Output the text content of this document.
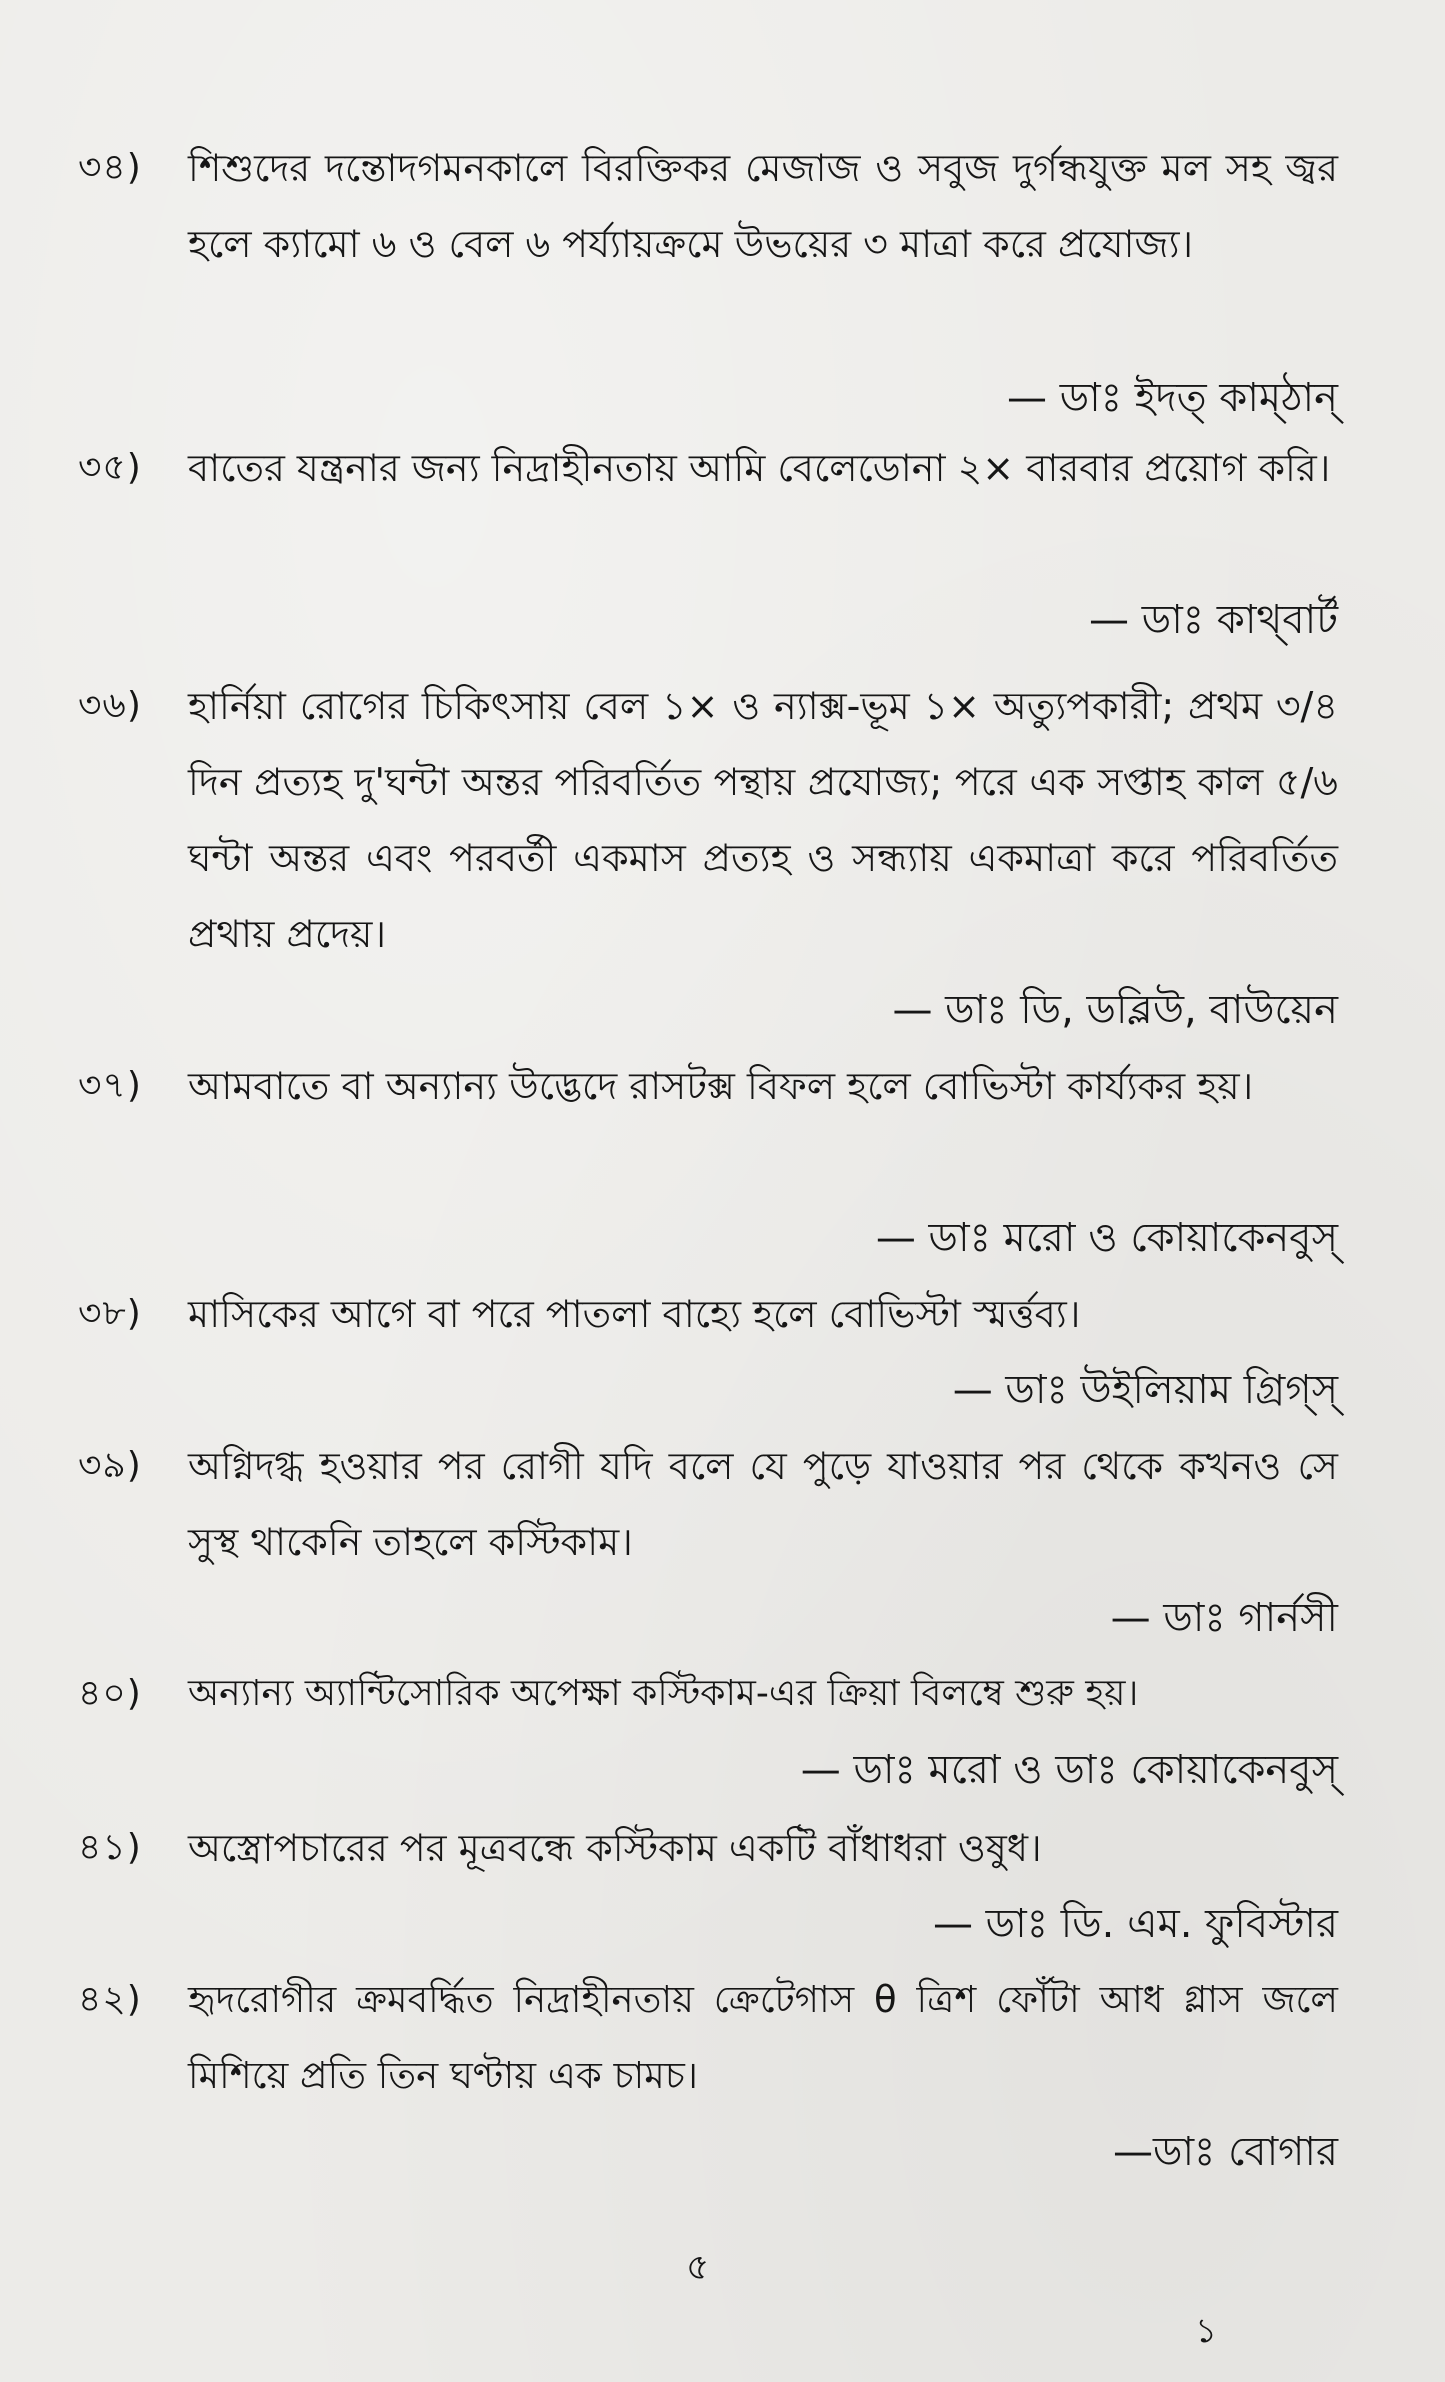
৩৪)	শিশুদের দন্তোদগমনকালে বিরক্তিকর মেজাজ ও সবুজ দুর্গন্ধযুক্ত মল সহ জ্বর হলে ক্যামো ৬ ও বেল ৬ পর্য্যায়ক্রমে উভয়ের ৩ মাত্রা করে প্রযোজ্য।
— ডাঃ ইদত্ কাম্‌ঠান্
৩৫)	বাতের যন্ত্রনার জন্য নিদ্রাহীনতায় আমি বেলেডোনা ২× বারবার প্রয়োগ করি।
— ডাঃ কাথ্‌বার্ট
৩৬)	হার্নিয়া রোগের চিকিৎসায় বেল ১× ও ন্যাক্স-ভূম ১× অত্যুপকারী; প্রথম ৩/৪ দিন প্রত্যহ দু'ঘন্টা অন্তর পরিবর্তিত পন্থায় প্রযোজ্য; পরে এক সপ্তাহ কাল ৫/৬ ঘন্টা অন্তর এবং পরবর্তী একমাস প্রত্যহ ও সন্ধ্যায় একমাত্রা করে পরিবর্তিত প্রথায় প্রদেয়।
— ডাঃ ডি, ডব্লিউ, বাউয়েন
৩৭)	আমবাতে বা অন্যান্য উদ্ভেদে রাসটক্স বিফল হলে বোভিস্টা কার্য্যকর হয়।
— ডাঃ মরো ও কোয়াকেনবুস্
৩৮)	মাসিকের আগে বা পরে পাতলা বাহ্যে হলে বোভিস্টা স্মর্ত্তব্য।
— ডাঃ উইলিয়াম গ্রিগ্‌স্
৩৯)	অগ্নিদগ্ধ হওয়ার পর রোগী যদি বলে যে পুড়ে যাওয়ার পর থেকে কখনও সে সুস্থ থাকেনি তাহলে কস্টিকাম।
— ডাঃ গার্নসী
৪০)	অন্যান্য অ্যান্টিসোরিক অপেক্ষা কস্টিকাম-এর ক্রিয়া বিলম্বে শুরু হয়।
— ডাঃ মরো ও ডাঃ কোয়াকেনবুস্
৪১)	অস্ত্রোপচারের পর মূত্রবন্ধে কস্টিকাম একটি বাঁধাধরা ওষুধ।
— ডাঃ ডি. এম. ফুবিস্টার
৪২)	হৃদরোগীর ক্রমবর্দ্ধিত নিদ্রাহীনতায় ক্রেটেগাস θ ত্রিশ ফোঁটা আধ গ্লাস জলে মিশিয়ে প্রতি তিন ঘণ্টায় এক চামচ।
—ডাঃ বোগার
৫
১
